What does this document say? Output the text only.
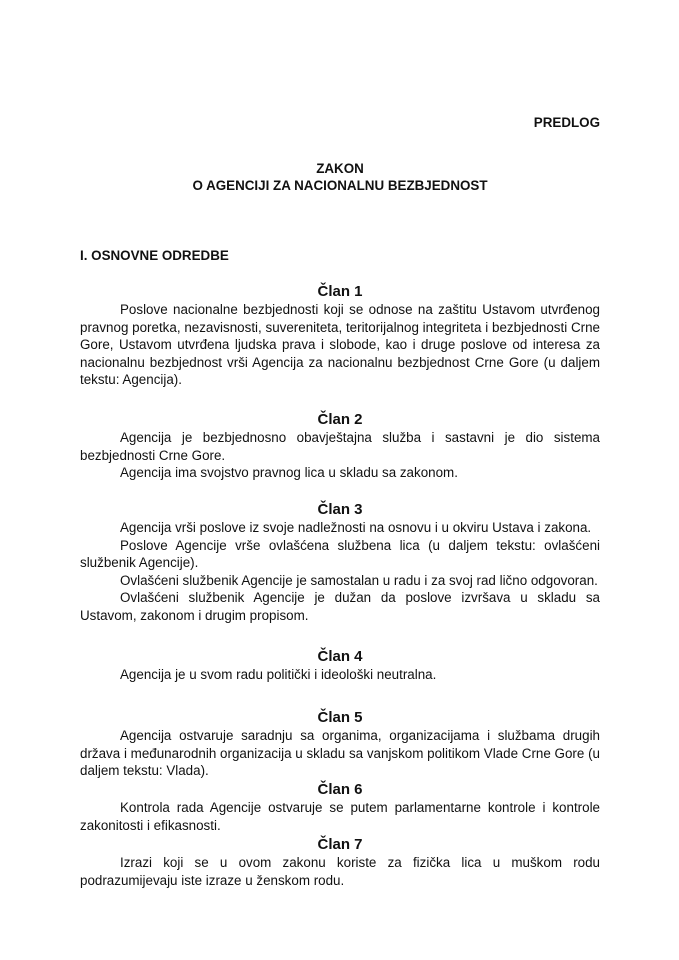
PREDLOG
ZAKON
O AGENCIJI ZA NACIONALNU BEZBJEDNOST
I. OSNOVNE ODREDBE
Član 1

Poslove nacionalne bezbjednosti koji se odnose na zaštitu Ustavom utvrđenog pravnog poretka, nezavisnosti, suvereniteta, teritorijalnog integriteta i bezbjednosti Crne Gore, Ustavom utvrđena ljudska prava i slobode, kao i druge poslove od interesa za nacionalnu bezbjednost vrši Agencija za nacionalnu bezbjednost Crne Gore (u daljem tekstu: Agencija).

Član 2

Agencija je bezbjednosno obavještajna služba i sastavni je dio sistema bezbjednosti Crne Gore.

Agencija ima svojstvo pravnog lica u skladu sa zakonom.

Član 3

Agencija vrši poslove iz svoje nadležnosti na osnovu i u okviru Ustava i zakona.

Poslove Agencije vrše ovlašćena službena lica (u daljem tekstu: ovlašćeni službenik Agencije).

Ovlašćeni službenik Agencije je samostalan u radu i za svoj rad lično odgovoran.

Ovlašćeni službenik Agencije je dužan da poslove izvršava u skladu sa Ustavom, zakonom i drugim propisom.

Član 4

Agencija je u svom radu politički i ideološki neutralna.

Član 5

Agencija ostvaruje saradnju sa organima, organizacijama i službama drugih država i međunarodnih organizacija u skladu sa vanjskom politikom Vlade Crne Gore (u daljem tekstu: Vlada).

Član 6

Kontrola rada Agencije ostvaruje se putem parlamentarne kontrole i kontrole zakonitosti i efikasnosti.

Član 7

Izrazi koji se u ovom zakonu koriste za fizička lica u muškom rodu podrazumijevaju iste izraze u ženskom rodu.
